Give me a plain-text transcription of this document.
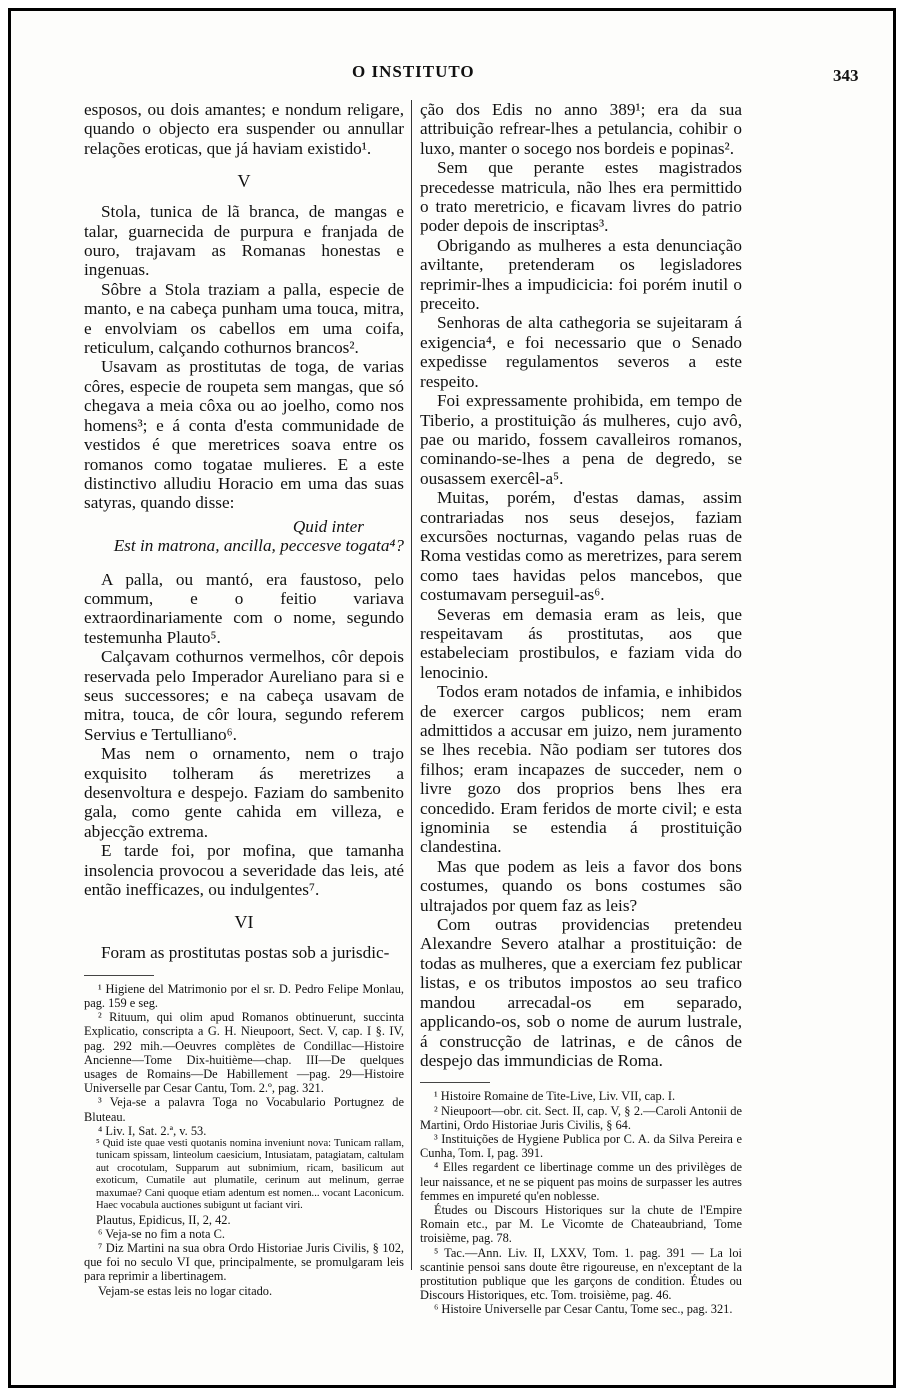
O INSTITUTO	343

esposos, ou dois amantes; e nondum religare, quando o objecto era suspender ou annullar relações eroticas, que já haviam existido¹.

V

Stola, tunica de lã branca, de mangas e talar, guarnecida de purpura e franjada de ouro, trajavam as Romanas honestas e ingenuas.

Sôbre a Stola traziam a palla, especie de manto, e na cabeça punham uma touca, mitra, e envolviam os cabellos em uma coifa, reticulum, calçando cothurnos brancos².

Usavam as prostitutas de toga, de varias côres, especie de roupeta sem mangas, que só chegava a meia côxa ou ao joelho, como nos homens³; e á conta d'esta communidade de vestidos é que meretrices soava entre os romanos como togatae mulieres. E a este distinctivo alludiu Horacio em uma das suas satyras, quando disse:

Quid inter
Est in matrona, ancilla, peccesve togata⁴?

A palla, ou mantó, era faustoso, pelo commum, e o feitio variava extraordinariamente com o nome, segundo testemunha Plauto⁵.

Calçavam cothurnos vermelhos, côr depois reservada pelo Imperador Aureliano para si e seus successores; e na cabeça usavam de mitra, touca, de côr loura, segundo referem Servius e Tertulliano⁶.

Mas nem o ornamento, nem o trajo exquisito tolheram ás meretrizes a desenvoltura e despejo. Faziam do sambenito gala, como gente cahida em villeza, e abjecção extrema.

E tarde foi, por mofina, que tamanha insolencia provocou a severidade das leis, até então inefficazes, ou indulgentes⁷.

VI

Foram as prostitutas postas sob a jurisdic-

¹ Higiene del Matrimonio por el sr. D. Pedro Felipe Monlau, pag. 159 e seg.

² Rituum, qui olim apud Romanos obtinuerunt, succinta Explicatio, conscripta a G. H. Nieupoort, Sect. V, cap. I §. IV, pag. 292 mih.—Oeuvres complètes de Condillac—Histoire Ancienne—Tome Dix-huitième—chap. III—De quelques usages de Romains—De Habillement —pag. 29—Histoire Universelle par Cesar Cantu, Tom. 2.º, pag. 321.

³ Veja-se a palavra Toga no Vocabulario Portugnez de Bluteau.

⁴ Liv. I, Sat. 2.ª, v. 53.

⁵ Quid iste quae vesti quotanis nomina inveniunt nova: Tunicam rallam, tunicam spissam, linteolum caesicium, Intusiatam, patagiatam, caltulam aut crocotulam, Supparum aut subnimium, ricam, basilicum aut exoticum, Cumatile aut plumatile, cerinum aut melinum, gerrae maxumae? Cani quoque etiam adentum est nomen... vocant Laconicum. Haec vocabula auctiones subigunt ut faciant viri.

Plautus, Epidicus, II, 2, 42.

⁶ Veja-se no fim a nota C.

⁷ Diz Martini na sua obra Ordo Historiae Juris Civilis, § 102, que foi no seculo VI que, principalmente, se promulgaram leis para reprimir a libertinagem.

Vejam-se estas leis no logar citado.

ção dos Edis no anno 389¹; era da sua attribuição refrear-lhes a petulancia, cohibir o luxo, manter o socego nos bordeis e popinas².

Sem que perante estes magistrados precedesse matricula, não lhes era permittido o trato meretricio, e ficavam livres do patrio poder depois de inscriptas³.

Obrigando as mulheres a esta denunciação aviltante, pretenderam os legisladores reprimir-lhes a impudicicia: foi porém inutil o preceito.

Senhoras de alta cathegoria se sujeitaram á exigencia⁴, e foi necessario que o Senado expedisse regulamentos severos a este respeito.

Foi expressamente prohibida, em tempo de Tiberio, a prostituição ás mulheres, cujo avô, pae ou marido, fossem cavalleiros romanos, cominando-se-lhes a pena de degredo, se ousassem exercêl-a⁵.

Muitas, porém, d'estas damas, assim contrariadas nos seus desejos, faziam excursões nocturnas, vagando pelas ruas de Roma vestidas como as meretrizes, para serem como taes havidas pelos mancebos, que costumavam perseguil-as⁶.

Severas em demasia eram as leis, que respeitavam ás prostitutas, aos que estabeleciam prostibulos, e faziam vida do lenocinio.

Todos eram notados de infamia, e inhibidos de exercer cargos publicos; nem eram admittidos a accusar em juizo, nem juramento se lhes recebia. Não podiam ser tutores dos filhos; eram incapazes de succeder, nem o livre gozo dos proprios bens lhes era concedido. Eram feridos de morte civil; e esta ignominia se estendia á prostituição clandestina.

Mas que podem as leis a favor dos bons costumes, quando os bons costumes são ultrajados por quem faz as leis?

Com outras providencias pretendeu Alexandre Severo atalhar a prostituição: de todas as mulheres, que a exerciam fez publicar listas, e os tributos impostos ao seu trafico mandou arrecadal-os em separado, applicando-os, sob o nome de aurum lustrale, á construcção de latrinas, e de cânos de despejo das immundicias de Roma.

¹ Histoire Romaine de Tite-Live, Liv. VII, cap. I.

² Nieupoort—obr. cit. Sect. II, cap. V, § 2.—Caroli Antonii de Martini, Ordo Historiae Juris Civilis, § 64.

³ Instituições de Hygiene Publica por C. A. da Silva Pereira e Cunha, Tom. I, pag. 391.

⁴ Elles regardent ce libertinage comme un des privilèges de leur naissance, et ne se piquent pas moins de surpasser les autres femmes en impureté qu'en noblesse.

Études ou Discours Historiques sur la chute de l'Empire Romain etc., par M. Le Vicomte de Chateaubriand, Tome troisième, pag. 78.

⁵ Tac.—Ann. Liv. II, LXXV, Tom. 1. pag. 391 — La loi scantinie pensoi sans doute être rigoureuse, en n'exceptant de la prostitution publique que les garçons de condition. Études ou Discours Historiques, etc. Tom. troisième, pag. 46.

⁶ Histoire Universelle par Cesar Cantu, Tome sec., pag. 321.
